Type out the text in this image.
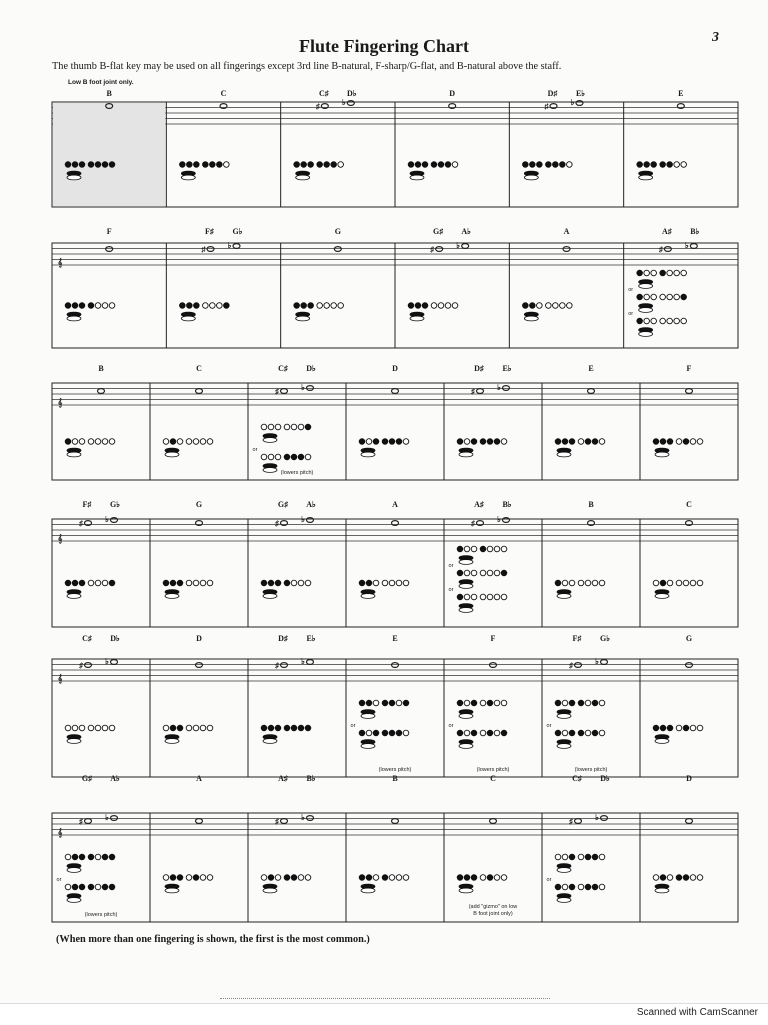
3
Flute Fingering Chart
The thumb B-flat key may be used on all fingerings except 3rd line B-natural, F-sharp/G-flat, and B-natural above the staff.
Low B foot joint only.
B	C	C♯ D♭
♯	♭
D	D♯ E♭
♯	♭
E
𝄞
F	F♯ G♭
♯	♭
G	G♯ A♭
♯	♭
A	A♯ B♭
♯	♭
or
or
𝄞
B	C	C♯ D♭
♯	♭
or
(lowers pitch)
D	D♯ E♭
♯	♭
E	F
𝄞
F♯ G♭
♯	♭
G	G♯ A♭
♯	♭
A	A♯ B♭
♯	♭
or
or
B	C
𝄞
C♯ D♭
♯	♭
D	D♯ E♭
♯	♭
E
or
(lowers pitch)
F
or
(lowers pitch)
F♯ G♭
♯	♭
or
(lowers pitch)
G
𝄞
G♯ A♭
♯	♭
or
(lowers pitch)
A	A♯ B♭
♯	♭
B	C
(add "gizmo" on low
B foot joint only)
C♯ D♭
♯	♭
or
D
(When more than one fingering is shown, the first is the most common.)
Scanned with CamScanner
